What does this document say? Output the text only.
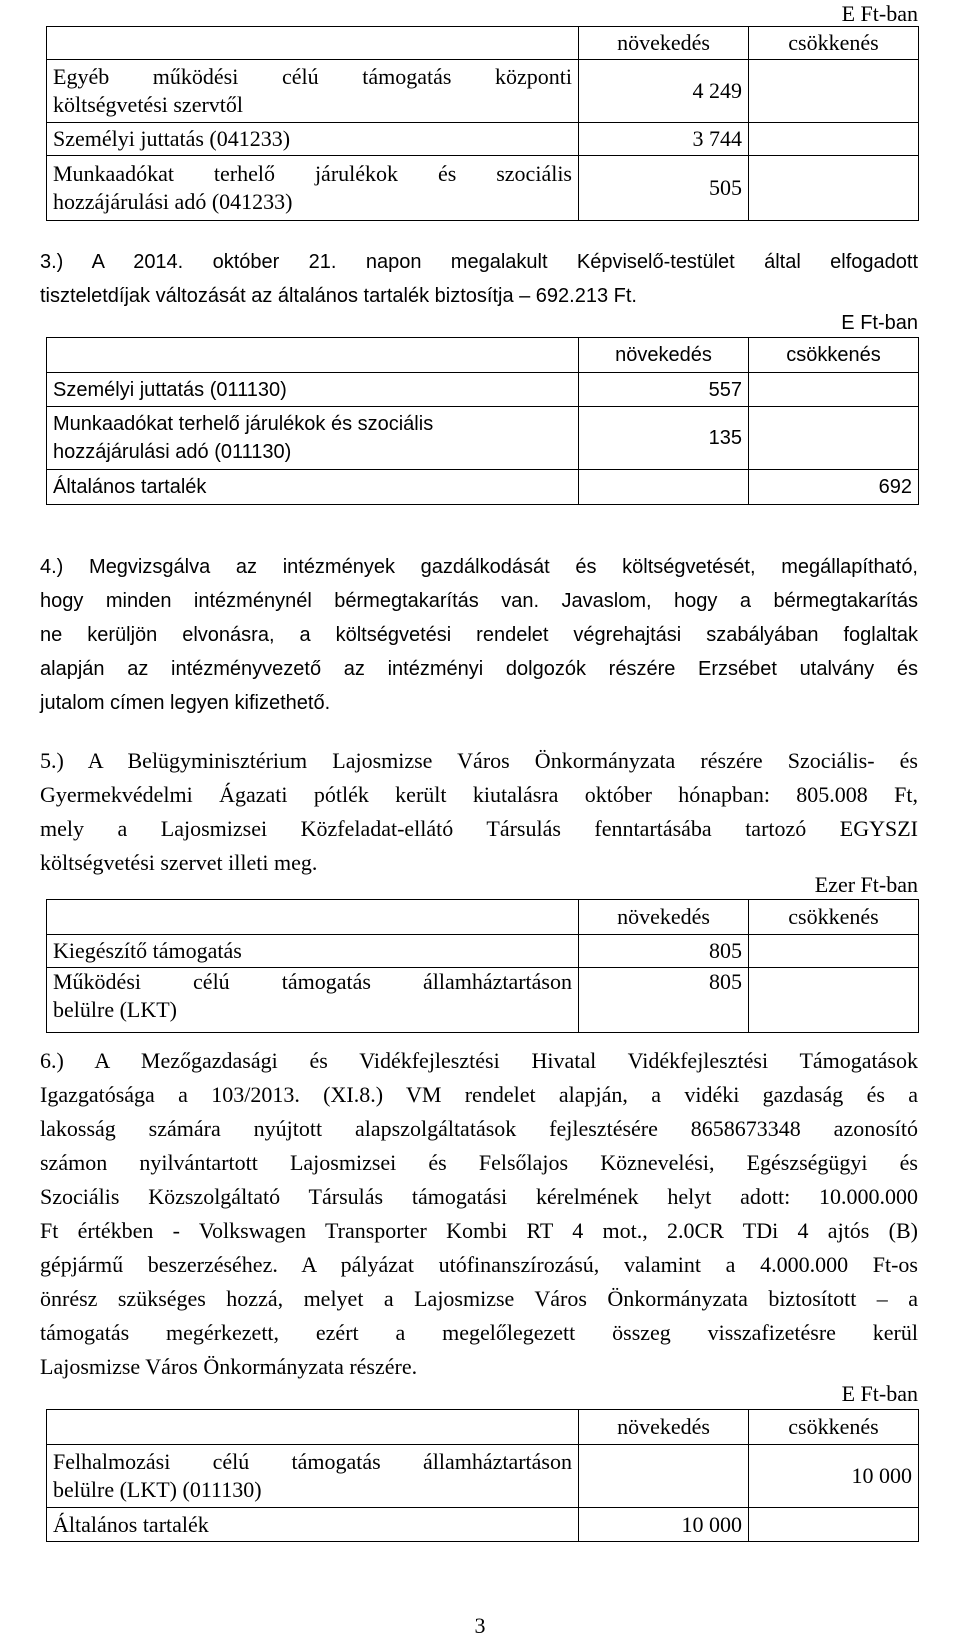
E Ft-ban
	növekedés	csökkenés

Egyéb működési célú támogatás központi
költségvetési szervtől	4 249	
Személyi juttatás (041233)	3 744	

Munkaadókat terhelő járulékok és szociális
hozzájárulási adó (041233)	505	
3.) A 2014. október 21. napon megalakult Képviselő-testület által elfogadott
tiszteletdíjak változását az általános tartalék biztosítja – 692.213 Ft.
E Ft-ban
	növekedés	csökkenés
Személyi juttatás (011130)	557	

Munkaadókat terhelő járulékok és szociális
hozzájárulási adó (011130)	135	
Általános tartalék		692
4.) Megvizsgálva az intézmények gazdálkodását és költségvetését, megállapítható,
hogy minden intézménynél bérmegtakarítás van. Javaslom, hogy a bérmegtakarítás
ne kerüljön elvonásra, a költségvetési rendelet végrehajtási szabályában foglaltak
alapján az intézményvezető az intézményi dolgozók részére Erzsébet utalvány és
jutalom címen legyen kifizethető.
5.) A Belügyminisztérium Lajosmizse Város Önkormányzata részére Szociális- és
Gyermekvédelmi Ágazati pótlék került kiutalásra október hónapban: 805.008 Ft,
mely a Lajosmizsei Közfeladat-ellátó Társulás fenntartásába tartozó EGYSZI
költségvetési szervet illeti meg.
Ezer Ft-ban
	növekedés	csökkenés
Kiegészítő támogatás	805	

Működési célú támogatás államháztartáson
belülre (LKT)	805	
6.) A Mezőgazdasági és Vidékfejlesztési Hivatal Vidékfejlesztési Támogatások
Igazgatósága a 103/2013. (XI.8.) VM rendelet alapján, a vidéki gazdaság és a
lakosság számára nyújtott alapszolgáltatások fejlesztésére 8658673348 azonosító
számon nyilvántartott Lajosmizsei és Felsőlajos Köznevelési, Egészségügyi és
Szociális Közszolgáltató Társulás támogatási kérelmének helyt adott: 10.000.000
Ft értékben - Volkswagen Transporter Kombi RT 4 mot., 2.0CR TDi 4 ajtós (B)
gépjármű beszerzéséhez. A pályázat utófinanszírozású, valamint a 4.000.000 Ft-os
önrész szükséges hozzá, melyet a Lajosmizse Város Önkormányzata biztosított – a
támogatás megérkezett, ezért a megelőlegezett összeg visszafizetésre kerül
Lajosmizse Város Önkormányzata részére.
E Ft-ban
	növekedés	csökkenés

Felhalmozási célú támogatás államháztartáson
belülre (LKT) (011130)		10 000
Általános tartalék	10 000	
3
